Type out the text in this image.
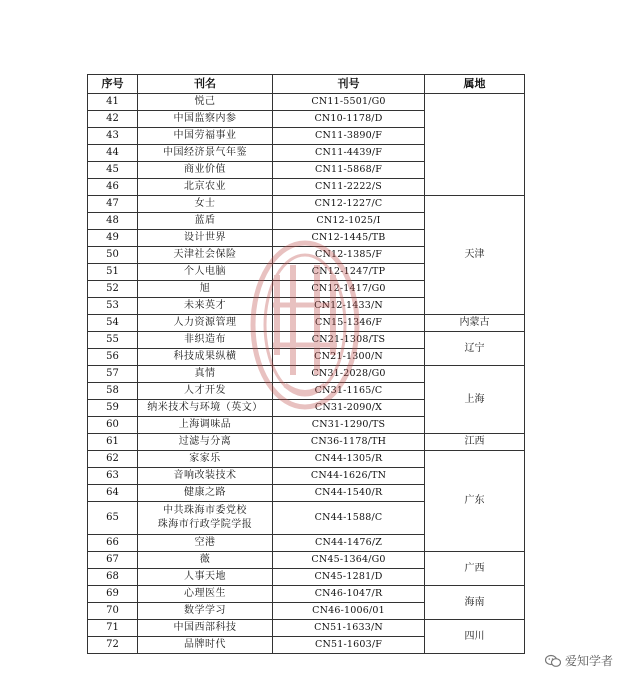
序号	刊名	刊号	属地
41	悦己	CN11-5501/G0	
42	中国监察内参	CN10-1178/D	
43	中国劳福事业	CN11-3890/F	
44	中国经济景气年鉴	CN11-4439/F	
45	商业价值	CN11-5868/F	
46	北京农业	CN11-2222/S	
47	女士	CN12-1227/C	天津
48	蓝盾	CN12-1025/I	
49	设计世界	CN12-1445/TB	
50	天津社会保险	CN12-1385/F	
51	个人电脑	CN12-1247/TP	
52	旭	CN12-1417/G0	
53	未来英才	CN12-1433/N	
54	人力资源管理	CN15-1346/F	内蒙古
55	非织造布	CN21-1308/TS	辽宁
56	科技成果纵横	CN21-1300/N	
57	真情	CN31-2028/G0	上海
58	人才开发	CN31-1165/C	
59	纳米技术与环境（英文）	CN31-2090/X	
60	上海调味品	CN31-1290/TS	
61	过滤与分离	CN36-1178/TH	江西
62	家家乐	CN44-1305/R	广东
63	音响改装技术	CN44-1626/TN	
64	健康之路	CN44-1540/R	
65	中共珠海市委党校
珠海市行政学院学报	CN44-1588/C	
66	空港	CN44-1476/Z	
67	薇	CN45-1364/G0	广西
68	人事天地	CN45-1281/D	
69	心理医生	CN46-1047/R	海南
70	数学学习	CN46-1006/01	
71	中国西部科技	CN51-1633/N	四川
72	品牌时代	CN51-1603/F	
爱知学者
